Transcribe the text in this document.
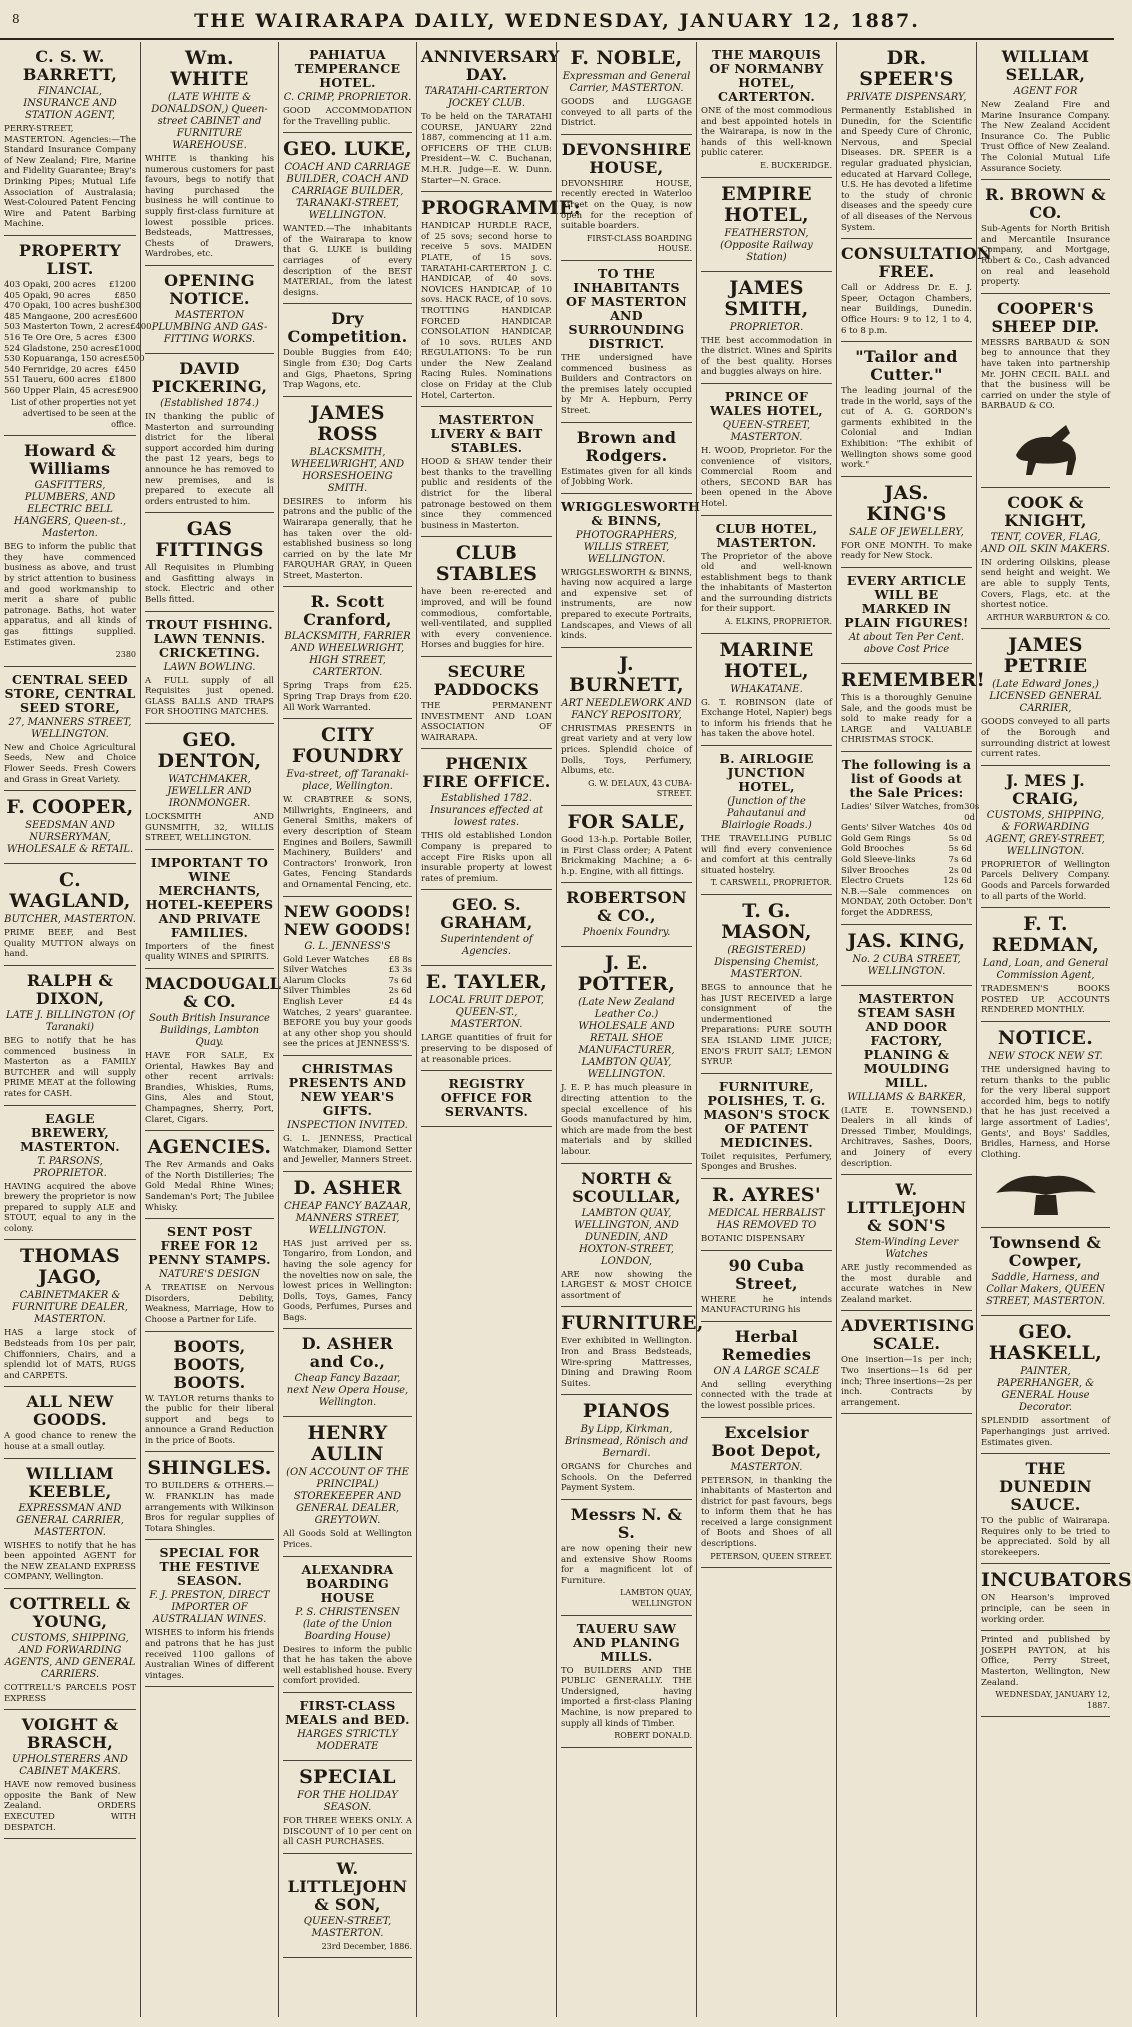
8	THE WAIRARAPA DAILY, WEDNESDAY, JANUARY 12, 1887.
C. S. W. BARRETT,
FINANCIAL, INSURANCE AND STATION AGENT,
PERRY-STREET, MASTERTON. Agencies:—The Standard Insurance Company of New Zealand; Fire, Marine and Fidelity Guarantee; Bray's Drinking Pipes; Mutual Life Association of Australasia; West-Coloured Patent Fencing Wire and Patent Barbing Machine.
PROPERTY LIST.
403 Opaki, 200 acres £1200
405 Opaki, 90 acres	£850
470 Opaki, 100 acres bush £300
485 Mangaone, 200 acres £600
503 Masterton Town, 2 acres £400
516 Te Ore Ore, 5 acres £300
524 Gladstone, 250 acres £1000
530 Kopuaranga, 150 acres £500
540 Fernridge, 20 acres £450
551 Taueru, 600 acres £1800
560 Upper Plain, 45 acres £900
List of other properties not yet advertised to be seen at the office.
Howard & Williams
GASFITTERS, PLUMBERS, AND ELECTRIC BELL HANGERS, Queen-st., Masterton.
BEG to inform the public that they have commenced business as above, and trust by strict attention to business and good workmanship to merit a share of public patronage. Baths, hot water apparatus, and all kinds of gas fittings supplied. Estimates given.
2380
CENTRAL SEED STORE, CENTRAL SEED STORE,
27, MANNERS STREET, WELLINGTON.
New and Choice Agricultural Seeds, New and Choice Flower Seeds. Fresh Cowers and Grass in Great Variety.
F. COOPER,
SEEDSMAN AND NURSERYMAN, WHOLESALE & RETAIL.
C. WAGLAND,
BUTCHER, MASTERTON.
PRIME BEEF, and Best Quality MUTTON always on hand.
RALPH & DIXON,
LATE J. BILLINGTON (Of Taranaki)
BEG to notify that he has commenced business in Masterton as a FAMILY BUTCHER and will supply PRIME MEAT at the following rates for CASH.
EAGLE BREWERY, MASTERTON.
T. PARSONS, PROPRIETOR.
HAVING acquired the above brewery the proprietor is now prepared to supply ALE and STOUT, equal to any in the colony.
THOMAS JAGO,
CABINETMAKER & FURNITURE DEALER, MASTERTON.
HAS a large stock of Bedsteads from 10s per pair, Chiffonniers, Chairs, and a splendid lot of MATS, RUGS and CARPETS.
ALL NEW GOODS.
A good chance to renew the house at a small outlay.
WILLIAM KEEBLE,
EXPRESSMAN AND GENERAL CARRIER, MASTERTON.
WISHES to notify that he has been appointed AGENT for the NEW ZEALAND EXPRESS COMPANY, Wellington.
COTTRELL & YOUNG,
CUSTOMS, SHIPPING, AND FORWARDING AGENTS, AND GENERAL CARRIERS.
COTTRELL'S PARCELS POST EXPRESS
VOIGHT & BRASCH,
UPHOLSTERERS AND CABINET MAKERS.
HAVE now removed business opposite the Bank of New Zealand. ORDERS EXECUTED WITH DESPATCH.
Wm. WHITE
(LATE WHITE & DONALDSON,) Queen-street CABINET and FURNITURE WAREHOUSE.
WHITE is thanking his numerous customers for past favours, begs to notify that having purchased the business he will continue to supply first-class furniture at lowest possible prices. Bedsteads, Mattresses, Chests of Drawers, Wardrobes, etc.
OPENING NOTICE.
MASTERTON PLUMBING AND GAS-FITTING WORKS.
DAVID PICKERING,
(Established 1874.)
IN thanking the public of Masterton and surrounding district for the liberal support accorded him during the past 12 years, begs to announce he has removed to new premises, and is prepared to execute all orders entrusted to him.
GAS FITTINGS
All Requisites in Plumbing and Gasfitting always in stock. Electric and other Bells fitted.
TROUT FISHING. LAWN TENNIS. CRICKETING.
LAWN BOWLING.
A FULL supply of all Requisites just opened. GLASS BALLS AND TRAPS FOR SHOOTING MATCHES.
GEO. DENTON,
WATCHMAKER, JEWELLER AND IRONMONGER.
LOCKSMITH AND GUNSMITH, 32, WILLIS STREET, WELLINGTON.
IMPORTANT TO WINE MERCHANTS, HOTEL-KEEPERS AND PRIVATE FAMILIES.
Importers of the finest quality WINES and SPIRITS.
MACDOUGALL & CO.
South British Insurance Buildings, Lambton Quay.
HAVE FOR SALE, Ex Oriental, Hawkes Bay and other recent arrivals: Brandies, Whiskies, Rums, Gins, Ales and Stout, Champagnes, Sherry, Port, Claret, Cigars.
AGENCIES.
The Rev Armands and Oaks of the North Distilleries; The Gold Medal Rhine Wines; Sandeman's Port; The Jubilee Whisky.
SENT POST FREE FOR 12 PENNY STAMPS.
NATURE'S DESIGN
A TREATISE on Nervous Disorders, Debility, Weakness, Marriage, How to Choose a Partner for Life.
BOOTS, BOOTS, BOOTS.
W. TAYLOR returns thanks to the public for their liberal support and begs to announce a Grand Reduction in the price of Boots.
SHINGLES.
TO BUILDERS & OTHERS.—W. FRANKLIN has made arrangements with Wilkinson Bros for regular supplies of Totara Shingles.
SPECIAL FOR THE FESTIVE SEASON.
F. J. PRESTON, DIRECT IMPORTER OF AUSTRALIAN WINES.
WISHES to inform his friends and patrons that he has just received 1100 gallons of Australian Wines of different vintages.
PAHIATUA TEMPERANCE HOTEL.
C. CRIMP, PROPRIETOR.
GOOD ACCOMMODATION for the Travelling public.
GEO. LUKE,
COACH AND CARRIAGE BUILDER, COACH AND CARRIAGE BUILDER, TARANAKI-STREET, WELLINGTON.
WANTED.—The inhabitants of the Wairarapa to know that G. LUKE is building carriages of every description of the BEST MATERIAL, from the latest designs.
Dry Competition.
Double Buggies from £40; Single from £30; Dog Carts and Gigs, Phaetons, Spring Trap Wagons, etc.
JAMES ROSS
BLACKSMITH, WHEELWRIGHT, AND HORSESHOEING SMITH.
DESIRES to inform his patrons and the public of the Wairarapa generally, that he has taken over the old-established business so long carried on by the late Mr FARQUHAR GRAY, in Queen Street, Masterton.
R. Scott Cranford,
BLACKSMITH, FARRIER AND WHEELWRIGHT, HIGH STREET, CARTERTON.
Spring Traps from £25. Spring Trap Drays from £20. All Work Warranted.
CITY FOUNDRY
Eva-street, off Taranaki-place, Wellington.
W. CRABTREE & SONS, Millwrights, Engineers, and General Smiths, makers of every description of Steam Engines and Boilers, Sawmill Machinery, Builders' and Contractors' Ironwork, Iron Gates, Fencing Standards and Ornamental Fencing, etc.
NEW GOODS! NEW GOODS!
G. L. JENNESS'S
Gold Lever Watches £8 8s
Silver Watches	£3 3s
Alarum Clocks	7s 6d
Silver Thimbles	2s 6d
English Lever	£4 4s
Watches, 2 years' guarantee. BEFORE you buy your goods at any other shop you should see the prices at JENNESS'S.
CHRISTMAS PRESENTS AND NEW YEAR'S GIFTS.
INSPECTION INVITED.
G. L. JENNESS, Practical Watchmaker, Diamond Setter and Jeweller, Manners Street.
D. ASHER
CHEAP FANCY BAZAAR, MANNERS STREET, WELLINGTON.
HAS just arrived per ss. Tongariro, from London, and having the sole agency for the novelties now on sale, the lowest prices in Wellington: Dolls, Toys, Games, Fancy Goods, Perfumes, Purses and Bags.
D. ASHER and Co.,
Cheap Fancy Bazaar, next New Opera House, Wellington.
HENRY AULIN
(ON ACCOUNT OF THE PRINCIPAL) STOREKEEPER AND GENERAL DEALER, GREYTOWN.
All Goods Sold at Wellington Prices.
ALEXANDRA BOARDING HOUSE
P. S. CHRISTENSEN (late of the Union Boarding House)
Desires to inform the public that he has taken the above well established house. Every comfort provided.
FIRST-CLASS MEALS and BED.
HARGES STRICTLY MODERATE
SPECIAL
FOR THE HOLIDAY SEASON.
FOR THREE WEEKS ONLY. A DISCOUNT of 10 per cent on all CASH PURCHASES.
W. LITTLEJOHN & SON,
QUEEN-STREET, MASTERTON.
23rd December, 1886.
ANNIVERSARY DAY.
TARATAHI-CARTERTON JOCKEY CLUB.
To be held on the TARATAHI COURSE, JANUARY 22nd 1887, commencing at 11 a.m. OFFICERS OF THE CLUB: President—W. C. Buchanan, M.H.R. Judge—E. W. Dunn. Starter—N. Grace.
PROGRAMME:
HANDICAP HURDLE RACE, of 25 sovs; second horse to receive 5 sovs. MAIDEN PLATE, of 15 sovs. TARATAHI-CARTERTON J. C. HANDICAP, of 40 sovs. NOVICES HANDICAP, of 10 sovs. HACK RACE, of 10 sovs. TROTTING HANDICAP. FORCED HANDICAP. CONSOLATION HANDICAP, of 10 sovs. RULES AND REGULATIONS: To be run under the New Zealand Racing Rules. Nominations close on Friday at the Club Hotel, Carterton.
MASTERTON LIVERY & BAIT STABLES.
HOOD & SHAW tender their best thanks to the travelling public and residents of the district for the liberal patronage bestowed on them since they commenced business in Masterton.
CLUB STABLES
have been re-erected and improved, and will be found commodious, comfortable, well-ventilated, and supplied with every convenience. Horses and buggies for hire.
SECURE PADDOCKS
THE PERMANENT INVESTMENT AND LOAN ASSOCIATION OF WAIRARAPA.
PHŒNIX FIRE OFFICE.
Established 1782. Insurances effected at lowest rates.
THIS old established London Company is prepared to accept Fire Risks upon all insurable property at lowest rates of premium.
GEO. S. GRAHAM,
Superintendent of Agencies.
E. TAYLER,
LOCAL FRUIT DEPOT, QUEEN-ST., MASTERTON.
LARGE quantities of fruit for preserving to be disposed of at reasonable prices.
REGISTRY OFFICE FOR SERVANTS.
F. NOBLE,
Expressman and General Carrier, MASTERTON.
GOODS and LUGGAGE conveyed to all parts of the District.
DEVONSHIRE HOUSE,
DEVONSHIRE HOUSE, recently erected in Waterloo Street on the Quay, is now open for the reception of suitable boarders.
FIRST-CLASS BOARDING HOUSE.
TO THE INHABITANTS OF MASTERTON AND SURROUNDING DISTRICT.
THE undersigned have commenced business as Builders and Contractors on the premises lately occupied by Mr A. Hepburn, Perry Street.
Brown and Rodgers.
Estimates given for all kinds of Jobbing Work.
WRIGGLESWORTH & BINNS,
PHOTOGRAPHERS, WILLIS STREET, WELLINGTON.
WRIGGLESWORTH & BINNS, having now acquired a large and expensive set of instruments, are now prepared to execute Portraits, Landscapes, and Views of all kinds.
J. BURNETT,
ART NEEDLEWORK AND FANCY REPOSITORY,
CHRISTMAS PRESENTS in great variety and at very low prices. Splendid choice of Dolls, Toys, Perfumery, Albums, etc.
G. W. DELAUX, 43 CUBA-STREET.
FOR SALE,
Good 13-h.p. Portable Boiler, in First Class order; A Patent Brickmaking Machine; a 6-h.p. Engine, with all fittings.
ROBERTSON & CO.,
Phoenix Foundry.
J. E. POTTER,
(Late New Zealand Leather Co.) WHOLESALE AND RETAIL SHOE MANUFACTURER, LAMBTON QUAY, WELLINGTON.
J. E. P. has much pleasure in directing attention to the special excellence of his Goods manufactured by him, which are made from the best materials and by skilled labour.
NORTH & SCOULLAR,
LAMBTON QUAY, WELLINGTON, AND DUNEDIN, AND HOXTON-STREET, LONDON,
ARE now showing the LARGEST & MOST CHOICE assortment of
FURNITURE,
Ever exhibited in Wellington. Iron and Brass Bedsteads, Wire-spring Mattresses, Dining and Drawing Room Suites.
PIANOS
By Lipp, Kirkman, Brinsmead, Rönisch and Bernardi.
ORGANS for Churches and Schools. On the Deferred Payment System.
Messrs N. & S.
are now opening their new and extensive Show Rooms for a magnificent lot of Furniture.
LAMBTON QUAY, WELLINGTON
TAUERU SAW AND PLANING MILLS.
TO BUILDERS AND THE PUBLIC GENERALLY. THE Undersigned, having imported a first-class Planing Machine, is now prepared to supply all kinds of Timber.
ROBERT DONALD.
THE MARQUIS OF NORMANBY HOTEL, CARTERTON.
ONE of the most commodious and best appointed hotels in the Wairarapa, is now in the hands of this well-known public caterer.
E. BUCKERIDGE.
EMPIRE HOTEL,
FEATHERSTON, (Opposite Railway Station)
JAMES SMITH,
PROPRIETOR.
THE best accommodation in the district. Wines and Spirits of the best quality. Horses and buggies always on hire.
PRINCE OF WALES HOTEL,
QUEEN-STREET, MASTERTON.
H. WOOD, Proprietor. For the convenience of visitors, Commercial Room and others, SECOND BAR has been opened in the Above Hotel.
CLUB HOTEL, MASTERTON.
The Proprietor of the above old and well-known establishment begs to thank the inhabitants of Masterton and the surrounding districts for their support.
A. ELKINS, PROPRIETOR.
MARINE HOTEL,
WHAKATANE.
G. T. ROBINSON (late of Exchange Hotel, Napier) begs to inform his friends that he has taken the above hotel.
B. AIRLOGIE JUNCTION HOTEL,
(Junction of the Pahautanui and Blairlogie Roads.)
THE TRAVELLING PUBLIC will find every convenience and comfort at this centrally situated hostelry.
T. CARSWELL, PROPRIETOR.
T. G. MASON,
(REGISTERED) Dispensing Chemist, MASTERTON.
BEGS to announce that he has JUST RECEIVED a large consignment of the undermentioned Preparations: PURE SOUTH SEA ISLAND LIME JUICE; ENO'S FRUIT SALT; LEMON SYRUP.
FURNITURE, POLISHES, T. G. MASON'S STOCK OF PATENT MEDICINES.
Toilet requisites, Perfumery, Sponges and Brushes.
R. AYRES'
MEDICAL HERBALIST HAS REMOVED TO
BOTANIC DISPENSARY
90 Cuba Street,
WHERE he intends MANUFACTURING his
Herbal Remedies
ON A LARGE SCALE
And selling everything connected with the trade at the lowest possible prices.
Excelsior Boot Depot,
MASTERTON.
PETERSON, in thanking the inhabitants of Masterton and district for past favours, begs to inform them that he has received a large consignment of Boots and Shoes of all descriptions.
PETERSON, QUEEN STREET.
DR. SPEER'S
PRIVATE DISPENSARY,
Permanently Established in Dunedin, for the Scientific and Speedy Cure of Chronic, Nervous, and Special Diseases. DR. SPEER is a regular graduated physician, educated at Harvard College, U.S. He has devoted a lifetime to the study of chronic diseases and the speedy cure of all diseases of the Nervous System.
CONSULTATION FREE.
Call or Address Dr. E. J. Speer, Octagon Chambers, near Buildings, Dunedin. Office Hours: 9 to 12, 1 to 4, 6 to 8 p.m.
"Tailor and Cutter."
The leading journal of the trade in the world, says of the cut of A. G. GORDON's garments exhibited in the Colonial and Indian Exhibition: "The exhibit of Wellington shows some good work."
JAS. KING'S
SALE OF JEWELLERY,
FOR ONE MONTH. To make ready for New Stock.
EVERY ARTICLE WILL BE MARKED IN PLAIN FIGURES!
At about Ten Per Cent. above Cost Price
REMEMBER!
This is a thoroughly Genuine Sale, and the goods must be sold to make ready for a LARGE and VALUABLE CHRISTMAS STOCK.
The following is a list of Goods at the Sale Prices:
Ladies' Silver Watches, from 30s 0d
Gents' Silver Watches 40s 0d
Gold Gem Rings	5s 0d
Gold Brooches	5s 6d
Gold Sleeve-links	7s 6d
Silver Brooches	2s 0d
Electro Cruets	12s 6d
N.B.—Sale commences on MONDAY, 20th October. Don't forget the ADDRESS,
JAS. KING,
No. 2 CUBA STREET, WELLINGTON.
MASTERTON STEAM SASH AND DOOR FACTORY, PLANING & MOULDING MILL.
WILLIAMS & BARKER,
(LATE E. TOWNSEND.) Dealers in all kinds of Dressed Timber, Mouldings, Architraves, Sashes, Doors, and Joinery of every description.
W. LITTLEJOHN & SON'S
Stem-Winding Lever Watches
ARE justly recommended as the most durable and accurate watches in New Zealand market.
ADVERTISING SCALE.
One insertion—1s per inch; Two insertions—1s 6d per inch; Three insertions—2s per inch. Contracts by arrangement.
WILLIAM SELLAR,
AGENT FOR
New Zealand Fire and Marine Insurance Company. The New Zealand Accident Insurance Co. The Public Trust Office of New Zealand. The Colonial Mutual Life Assurance Society.
R. BROWN & CO.
Sub-Agents for North British and Mercantile Insurance Company, and Mortgage, Robert & Co., Cash advanced on real and leasehold property.
COOPER'S SHEEP DIP.
MESSRS BARBAUD & SON beg to announce that they have taken into partnership Mr. JOHN CECIL BALL and that the business will be carried on under the style of BARBAUD & CO.
COOK & KNIGHT,
TENT, COVER, FLAG, AND OIL SKIN MAKERS.
IN ordering Oilskins, please send height and weight. We are able to supply Tents, Covers, Flags, etc. at the shortest notice.
ARTHUR WARBURTON & CO.
JAMES PETRIE
(Late Edward Jones,) LICENSED GENERAL CARRIER,
GOODS conveyed to all parts of the Borough and surrounding district at lowest current rates.
J. MES J. CRAIG,
CUSTOMS, SHIPPING, & FORWARDING AGENT, GREY-STREET, WELLINGTON.
PROPRIETOR of Wellington Parcels Delivery Company. Goods and Parcels forwarded to all parts of the World.
F. T. REDMAN,
Land, Loan, and General Commission Agent,
TRADESMEN'S BOOKS POSTED UP. ACCOUNTS RENDERED MONTHLY.
NOTICE.
NEW STOCK NEW ST.
THE undersigned having to return thanks to the public for the very liberal support accorded him, begs to notify that he has just received a large assortment of Ladies', Gents', and Boys' Saddles, Bridles, Harness, and Horse Clothing.
Townsend & Cowper,
Saddle, Harness, and Collar Makers, QUEEN STREET, MASTERTON.
GEO. HASKELL,
PAINTER, PAPERHANGER, & GENERAL House Decorator.
SPLENDID assortment of Paperhangings just arrived. Estimates given.
THE DUNEDIN SAUCE.
TO the public of Wairarapa. Requires only to be tried to be appreciated. Sold by all storekeepers.
INCUBATORS
ON Hearson's improved principle, can be seen in working order.
Printed and published by JOSEPH PAYTON, at his Office, Perry Street, Masterton, Wellington, New Zealand.
WEDNESDAY, JANUARY 12, 1887.
